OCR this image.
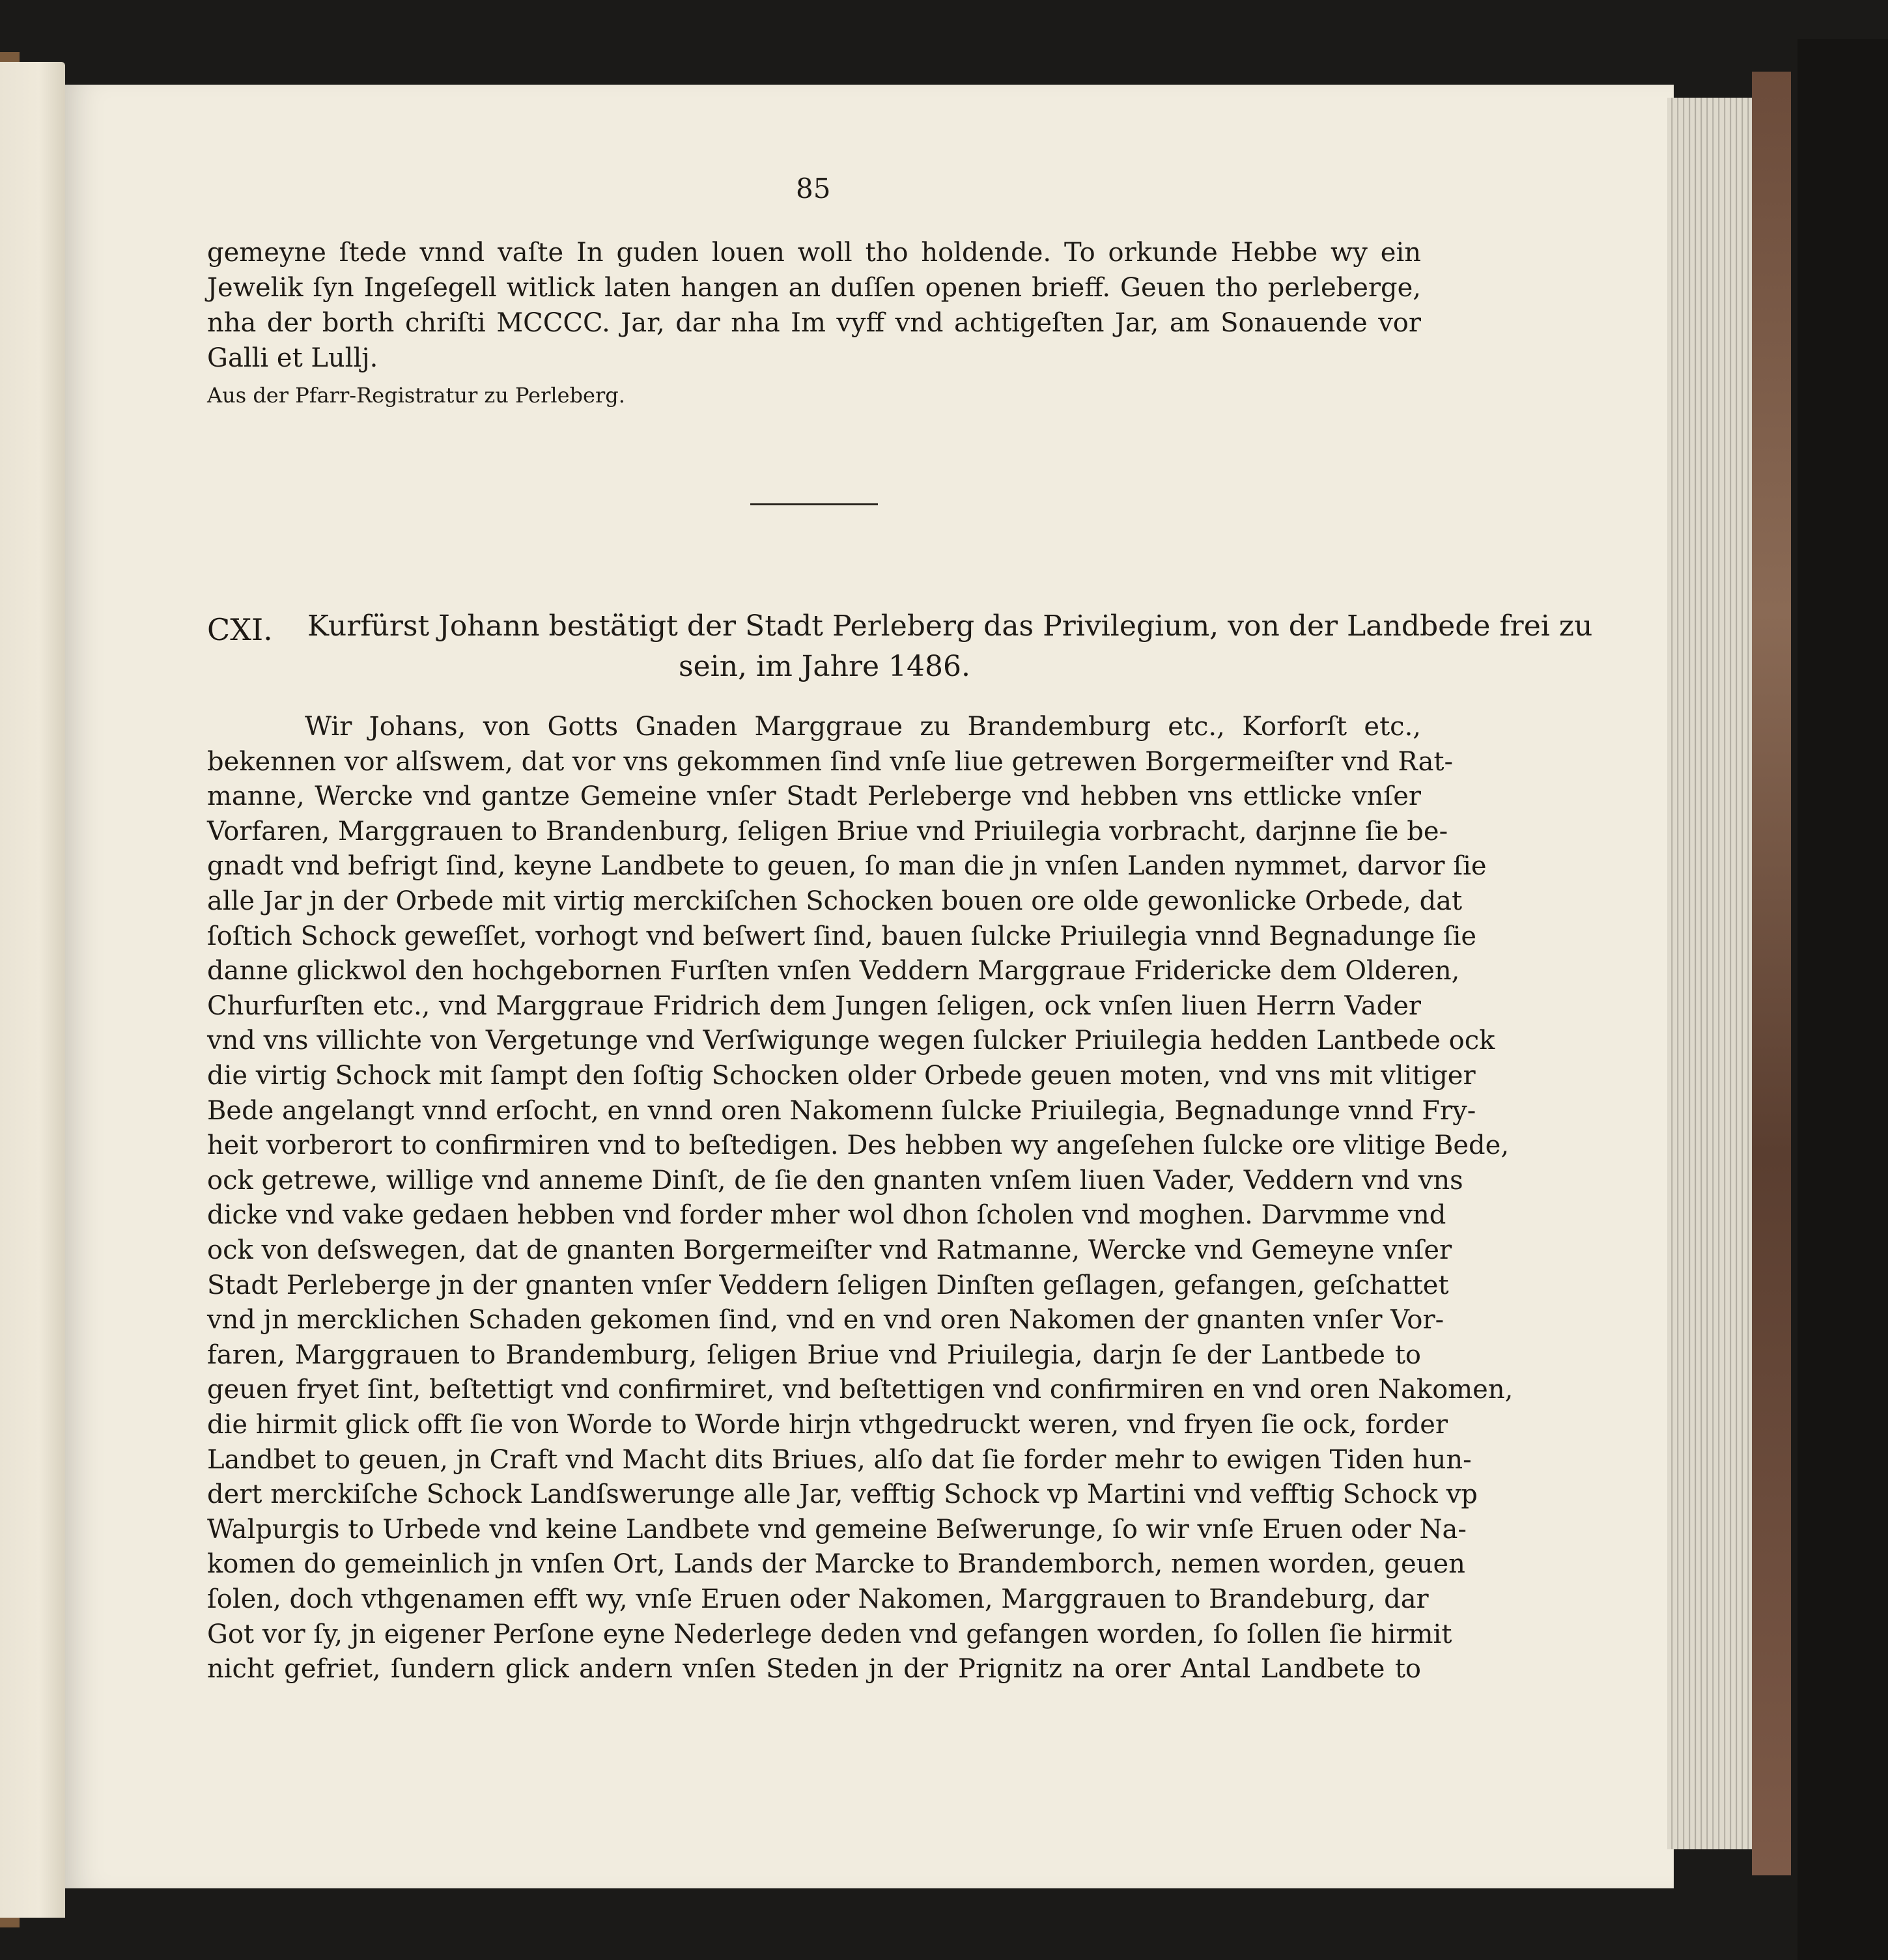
85
gemeyne ſtede vnnd vaſte In guden louen woll tho holdende. To orkunde Hebbe wy ein
Jewelik ſyn Ingeſegell witlick laten hangen an duſſen openen brieff. Geuen tho perleberge,
nha der borth chriſti MCCCC. Jar, dar nha Im vyff vnd achtigeſten Jar, am Sonauende vor
Galli et Lullj.
Aus der Pfarr-Registratur zu Perleberg.
CXI. Kurfürst Johann bestätigt der Stadt Perleberg das Privilegium, von der Landbede frei zu
sein, im Jahre 1486.
Wir Johans, von Gotts Gnaden Marggraue zu Brandemburg etc., Korforſt etc.,
bekennen vor alſswem, dat vor vns gekommen ſind vnſe liue getrewen Borgermeiſter vnd Rat-
manne, Wercke vnd gantze Gemeine vnſer Stadt Perleberge vnd hebben vns ettlicke vnſer
Vorfaren, Marggrauen to Brandenburg, ſeligen Briue vnd Priuilegia vorbracht, darjnne ſie be-
gnadt vnd befrigt ſind, keyne Landbete to geuen, ſo man die jn vnſen Landen nymmet, darvor ſie
alle Jar jn der Orbede mit virtig merckiſchen Schocken bouen ore olde gewonlicke Orbede, dat
ſoſtich Schock geweſſet, vorhogt vnd beſwert ſind, bauen ſulcke Priuilegia vnnd Begnadunge ſie
danne glickwol den hochgebornen Furſten vnſen Veddern Marggraue Fridericke dem Olderen,
Churfurſten etc., vnd Marggraue Fridrich dem Jungen ſeligen, ock vnſen liuen Herrn Vader
vnd vns villichte von Vergetunge vnd Verſwigunge wegen ſulcker Priuilegia hedden Lantbede ock
die virtig Schock mit ſampt den ſoſtig Schocken older Orbede geuen moten, vnd vns mit vlitiger
Bede angelangt vnnd erſocht, en vnnd oren Nakomenn ſulcke Priuilegia, Begnadunge vnnd Fry-
heit vorberort to confirmiren vnd to beſtedigen. Des hebben wy angeſehen ſulcke ore vlitige Bede,
ock getrewe, willige vnd anneme Dinſt, de ſie den gnanten vnſem liuen Vader, Veddern vnd vns
dicke vnd vake gedaen hebben vnd forder mher wol dhon ſcholen vnd moghen. Darvmme vnd
ock von deſswegen, dat de gnanten Borgermeiſter vnd Ratmanne, Wercke vnd Gemeyne vnſer
Stadt Perleberge jn der gnanten vnſer Veddern ſeligen Dinſten geſlagen, gefangen, geſchattet
vnd jn mercklichen Schaden gekomen ſind, vnd en vnd oren Nakomen der gnanten vnſer Vor-
faren, Marggrauen to Brandemburg, ſeligen Briue vnd Priuilegia, darjn ſe der Lantbede to
geuen fryet ſint, beſtettigt vnd confirmiret, vnd beſtettigen vnd confirmiren en vnd oren Nakomen,
die hirmit glick offt ſie von Worde to Worde hirjn vthgedruckt weren, vnd fryen ſie ock, forder
Landbet to geuen, jn Craft vnd Macht dits Briues, alſo dat ſie forder mehr to ewigen Tiden hun-
dert merckiſche Schock Landſswerunge alle Jar, vefftig Schock vp Martini vnd vefftig Schock vp
Walpurgis to Urbede vnd keine Landbete vnd gemeine Beſwerunge, ſo wir vnſe Eruen oder Na-
komen do gemeinlich jn vnſen Ort, Lands der Marcke to Brandemborch, nemen worden, geuen
ſolen, doch vthgenamen efft wy, vnſe Eruen oder Nakomen, Marggrauen to Brandeburg, dar
Got vor ſy, jn eigener Perſone eyne Nederlege deden vnd gefangen worden, ſo ſollen ſie hirmit
nicht gefriet, ſundern glick andern vnſen Steden jn der Prignitz na orer Antal Landbete to
